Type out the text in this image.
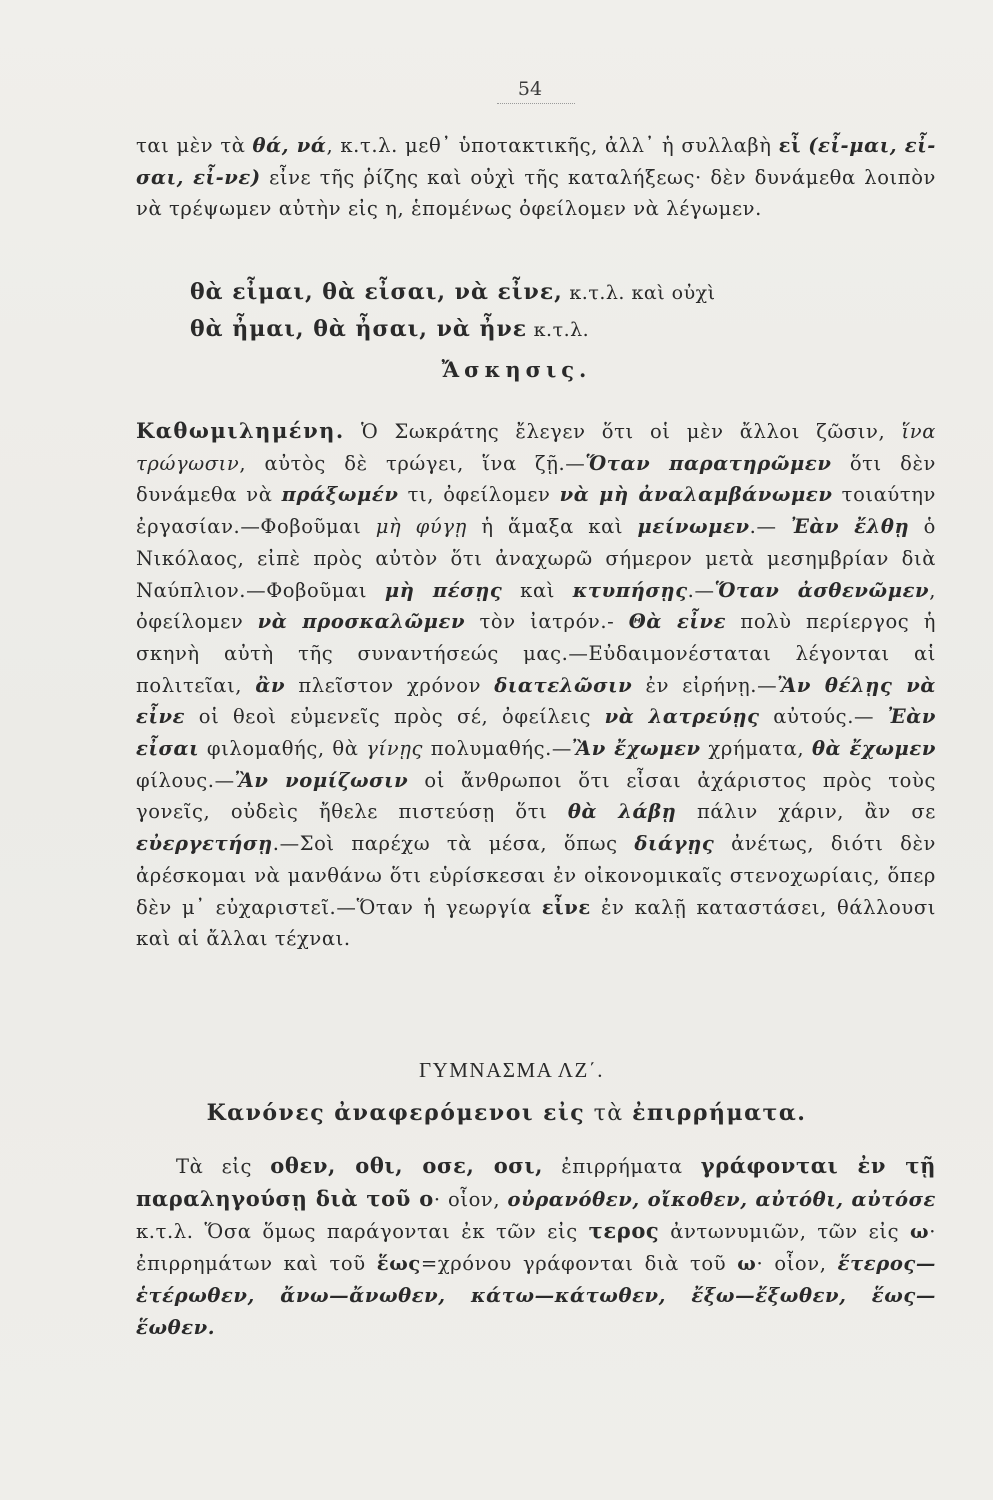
54
ται μὲν τὰ θά, νά, κ.τ.λ. μεθ᾽ ὑποτακτικῆς, ἀλλ᾽ ἡ συλλαβὴ εἶ (εἶ-μαι, εἶ-σαι, εἶ-νε) εἶνε τῆς ῥίζης καὶ οὐχὶ τῆς καταλήξεως· δὲν δυνάμεθα λοιπὸν νὰ τρέψωμεν αὐτὴν εἰς η, ἑπομένως ὀφείλομεν νὰ λέγωμεν.
θὰ εἶμαι, θὰ εἶσαι, νὰ εἶνε, κ.τ.λ. καὶ οὐχὶ
θὰ ἦμαι, θὰ ἦσαι, νὰ ἦνε κ.τ.λ.
Ἄσκησις.
Καθωμιλημένη. Ὁ Σωκράτης ἔλεγεν ὅτι οἱ μὲν ἄλλοι ζῶσιν, ἵνα τρώγωσιν, αὐτὸς δὲ τρώγει, ἵνα ζῇ.—Ὅταν παρατηρῶμεν ὅτι δὲν δυνάμεθα νὰ πράξωμέν τι, ὀφείλομεν νὰ μὴ ἀναλαμβάνωμεν τοιαύτην ἐργασίαν.—Φοβοῦμαι μὴ φύγῃ ἡ ἅμαξα καὶ μείνωμεν.— Ἐὰν ἔλθῃ ὁ Νικόλαος, εἰπὲ πρὸς αὐτὸν ὅτι ἀναχωρῶ σήμερον μετὰ μεσημβρίαν διὰ Ναύπλιον.—Φοβοῦμαι μὴ πέσῃς καὶ κτυπήσῃς.—Ὅταν ἀσθενῶμεν, ὀφείλομεν νὰ προσκαλῶμεν τὸν ἰατρόν.- Θὰ εἶνε πολὺ περίεργος ἡ σκηνὴ αὐτὴ τῆς συναντήσεώς μας.—Εὐδαιμονέσταται λέγονται αἱ πολιτεῖαι, ἂν πλεῖστον χρόνον διατελῶσιν ἐν εἰρήνῃ.—Ἂν θέλῃς νὰ εἶνε οἱ θεοὶ εὐμενεῖς πρὸς σέ, ὀφείλεις νὰ λατρεύῃς αὐτούς.— Ἐὰν εἶσαι φιλομαθής, θὰ γίνῃς πολυμαθής.—Ἂν ἔχωμεν χρήματα, θὰ ἔχωμεν φίλους.—Ἂν νομίζωσιν οἱ ἄνθρωποι ὅτι εἶσαι ἀχάριστος πρὸς τοὺς γονεῖς, οὐδεὶς ἤθελε πιστεύσῃ ὅτι θὰ λάβῃ πάλιν χάριν, ἂν σε εὐεργετήσῃ.—Σοὶ παρέχω τὰ μέσα, ὅπως διάγῃς ἀνέτως, διότι δὲν ἀρέσκομαι νὰ μανθάνω ὅτι εὑρίσκεσαι ἐν οἰκονομικαῖς στενοχωρίαις, ὅπερ δὲν μ᾽ εὐχαριστεῖ.—Ὅταν ἡ γεωργία εἶνε ἐν καλῇ καταστάσει, θάλλουσι καὶ αἱ ἄλλαι τέχναι.
ΓΥΜΝΑΣΜΑ ΛΖ΄.
Κανόνες ἀναφερόμενοι εἰς τὰ ἐπιρρήματα.
Τὰ εἰς οθεν, οθι, οσε, οσι, ἐπιρρήματα γράφονται ἐν τῇ παραληγούσῃ διὰ τοῦ ο· οἷον, οὐρανόθεν, οἴκοθεν, αὐτόθι, αὐτόσε κ.τ.λ. Ὅσα ὅμως παράγονται ἐκ τῶν εἰς τερος ἀντωνυμιῶν, τῶν εἰς ω· ἐπιρρημάτων καὶ τοῦ ἕως=χρόνου γράφονται διὰ τοῦ ω· οἷον, ἕτερος—ἑτέρωθεν, ἄνω—ἄνωθεν, κάτω—κάτωθεν, ἔξω—ἔξωθεν, ἕως—ἕωθεν.
